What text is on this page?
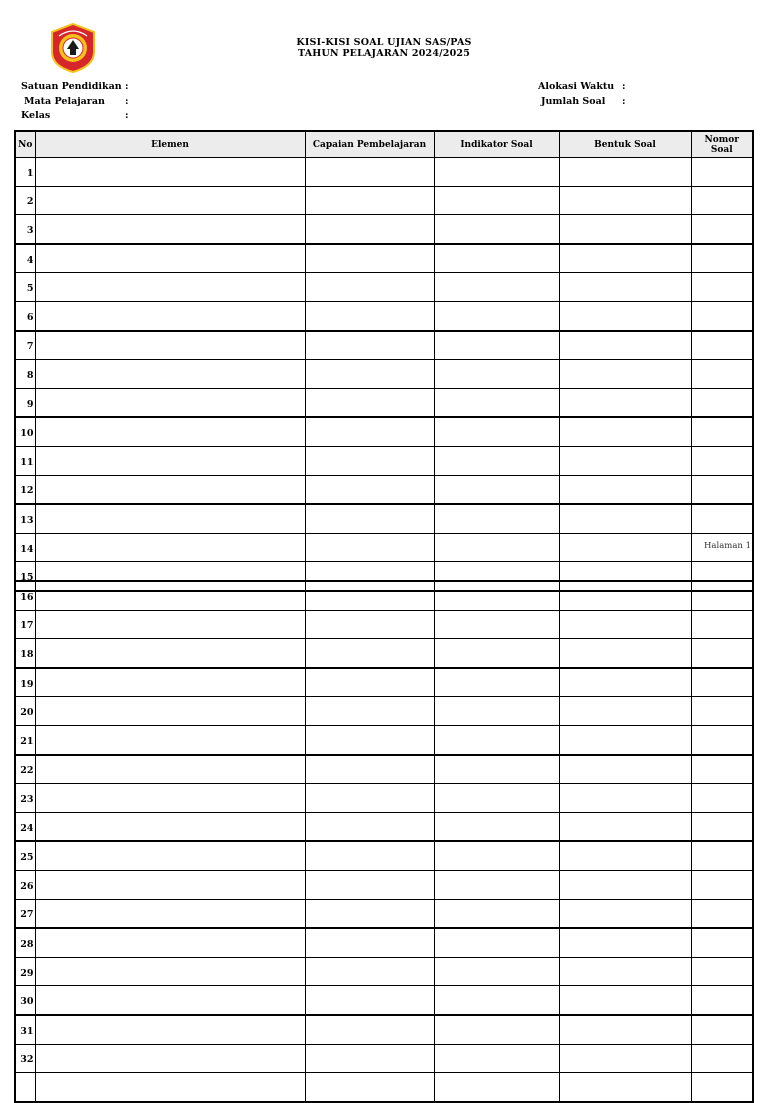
KISI-KISI SOAL UJIAN SAS/PAS
TAHUN PELAJARAN 2024/2025
Satuan Pendidikan :
Mata Pelajaran :
Kelas	:
Alokasi Waktu :
Jumlah Soal :
No	Elemen	Capaian Pembelajaran	Indikator Soal	Bentuk Soal	Nomor
Soal

1					
2					
3					
4					
5					
6					
7					
8					
9					
10					
11					
12					
13					
14					
15					
Halaman 1
16					
17					
18					
19					
20					
21					
22					
23					
24					
25					
26					
27					
28					
29					
30					
31					
32					
